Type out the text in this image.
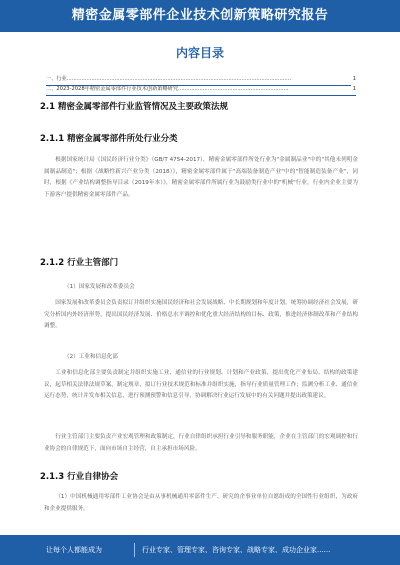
精密金属零部件企业技术创新策略研究报告
内容目录
一、行业........................................................................................................................................	1
二、2023-2028年精密金属零部件行业技术创新策略研究...................................................................	1
2.1 精密金属零部件行业监管情况及主要政策法规
2.1.1 精密金属零部件所处行业分类

根据国家统计局《国民经济行业分类》（GB/T 4754-2017），精密金属零部件所处行业为"金属制品业"中的"其他未列明金属制品制造"；根据《战略性新兴产业分类（2018）》，精密金属零部件属于"高端装备制造产业"中的"智能制造装备产业"，同时，根据《产业结构调整指导目录（2019年本）》，精密金属零部件所属行业为鼓励类行业中的"机械"行业，行业内企业主要为下游客户提供精密金属零部件产品。

2.1.2 行业主管部门
（1）国家发展和改革委员会

国家发展和改革委员会负责拟订并组织实施国民经济和社会发展战略、中长期规划和年度计划，统筹协调经济社会发展，研究分析国内外经济形势，提出国民经济发展、价格总水平调控和优化重大经济结构的目标、政策，推进经济体制改革和产业结构调整。

（2）工业和信息化部

工业和信息化部主要负责制定并组织实施工业、通信业的行业规划、计划和产业政策，提出优化产业布局、结构的政策建议，起草相关法律法规草案，制定规章，拟订行业技术规范和标准并组织实施，指导行业质量管理工作；监测分析工业、通信业运行态势，统计并发布相关信息，进行预测预警和信息引导，协调解决行业运行发展中的有关问题并提出政策建议。

行业主管部门主要负责产业宏观管理和政策制定，行业自律组织承担行业引导和服务职能，企业在主管部门的宏观调控和行业协会的自律规范下，面向市场自主经营，自主承担市场风险。

2.1.3 行业自律协会

（1）中国机械通用零部件工业协会是由从事机械通用零部件生产、研究的企事业单位自愿组成的全国性行业组织，为政府和企业提供服务。

让每个人都能成为	行业专家、管理专家、咨询专家、战略专家、成功企业家......
